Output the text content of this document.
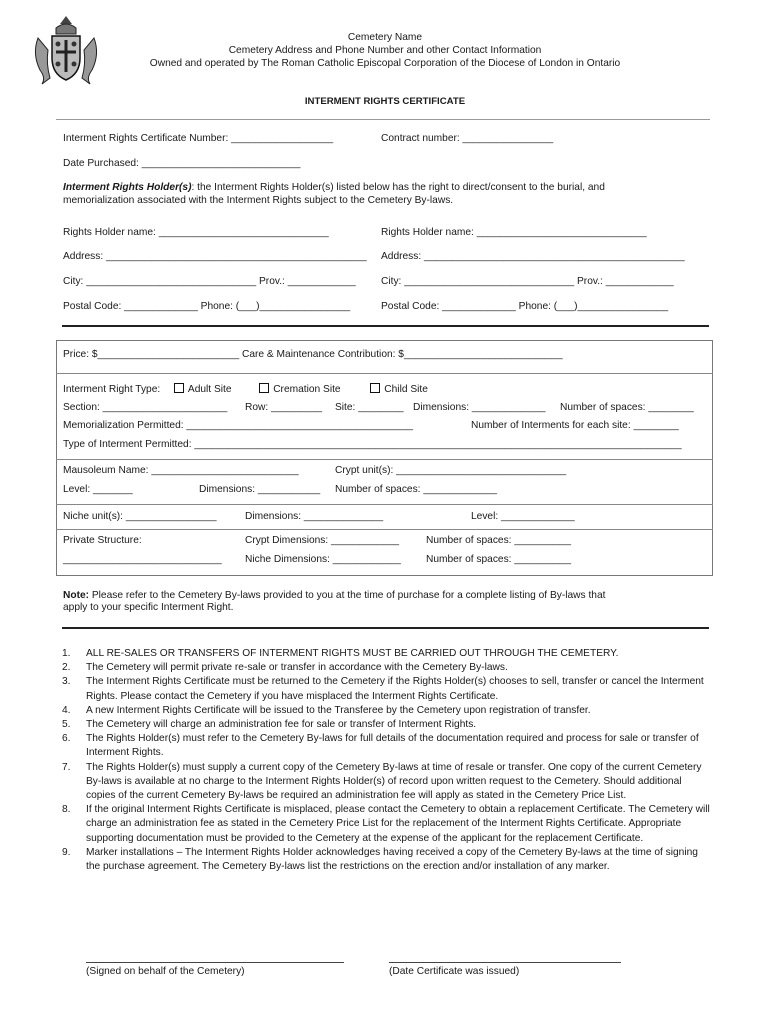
Cemetery Name
Cemetery Address and Phone Number and other Contact Information
Owned and operated by The Roman Catholic Episcopal Corporation of the Diocese of London in Ontario
INTERMENT RIGHTS CERTIFICATE
Interment Rights Certificate Number: __________________	Contract number: ________________
Date Purchased: ____________________________
Interment Rights Holder(s): the Interment Rights Holder(s) listed below has the right to direct/consent to the burial, and
memorialization associated with the Interment Rights subject to the Cemetery By-laws.
Rights Holder name: ______________________________	Rights Holder name: ______________________________
Address: ______________________________________________ Address: ______________________________________________
City: ______________________________ Prov.: ____________ City: ______________________________ Prov.: ____________
Postal Code: _____________ Phone: (___)________________	Postal Code: _____________ Phone: (___)________________
Price: $_________________________ Care & Maintenance Contribution: $____________________________
Interment Right Type:	Adult Site	Cremation Site	Child Site
Section: ______________________ Row: _________ Site: ________ Dimensions: _____________ Number of spaces: ________
Memorialization Permitted: ________________________________________	Number of Interments for each site: ________
Type of Interment Permitted: ______________________________________________________________________________________
Mausoleum Name: __________________________	Crypt unit(s): ______________________________
Level: _______	Dimensions: ___________ Number of spaces: _____________
Niche unit(s): ________________	Dimensions: ______________	Level: _____________
Private Structure:	Crypt Dimensions: ____________	Number of spaces: __________
____________________________ Niche Dimensions: ____________ Number of spaces: __________
Note: Please refer to the Cemetery By-laws provided to you at the time of purchase for a complete listing of By-laws that
apply to your specific Interment Right.
1. ALL RE-SALES OR TRANSFERS OF INTERMENT RIGHTS MUST BE CARRIED OUT THROUGH THE CEMETERY.
2. The Cemetery will permit private re-sale or transfer in accordance with the Cemetery By-laws.
3. The Interment Rights Certificate must be returned to the Cemetery if the Rights Holder(s) chooses to sell, transfer or cancel the Interment Rights. Please contact the Cemetery if you have misplaced the Interment Rights Certificate.
4. A new Interment Rights Certificate will be issued to the Transferee by the Cemetery upon registration of transfer.
5. The Cemetery will charge an administration fee for sale or transfer of Interment Rights.
6. The Rights Holder(s) must refer to the Cemetery By-laws for full details of the documentation required and process for sale or transfer of Interment Rights.
7. The Rights Holder(s) must supply a current copy of the Cemetery By-laws at time of resale or transfer. One copy of the current Cemetery By-laws is available at no charge to the Interment Rights Holder(s) of record upon written request to the Cemetery. Should additional copies of the current Cemetery By-laws be required an administration fee will apply as stated in the Cemetery Price List.
8. If the original Interment Rights Certificate is misplaced, please contact the Cemetery to obtain a replacement Certificate. The Cemetery will charge an administration fee as stated in the Cemetery Price List for the replacement of the Interment Rights Certificate. Appropriate supporting documentation must be provided to the Cemetery at the expense of the applicant for the replacement Certificate.
9. Marker installations – The Interment Rights Holder acknowledges having received a copy of the Cemetery By-laws at the time of signing the purchase agreement. The Cemetery By-laws list the restrictions on the erection and/or installation of any marker.
(Signed on behalf of the Cemetery)	(Date Certificate was issued)
